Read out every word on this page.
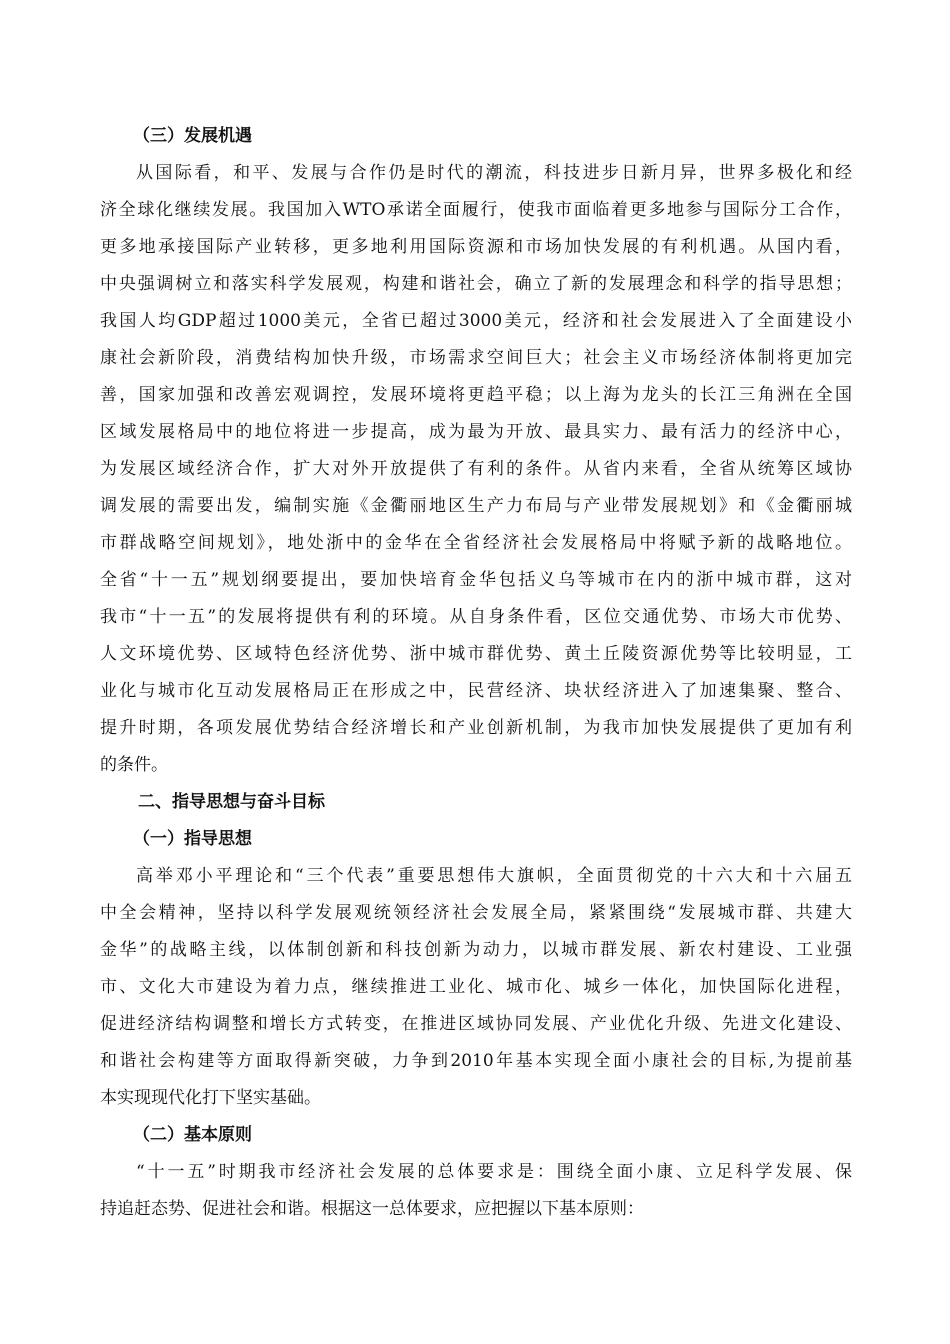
（三）发展机遇
从国际看，和平、发展与合作仍是时代的潮流，科技进步日新月异，世界多极化和经
济全球化继续发展。我国加入WTO承诺全面履行，使我市面临着更多地参与国际分工合作，
更多地承接国际产业转移，更多地利用国际资源和市场加快发展的有利机遇。从国内看，
中央强调树立和落实科学发展观，构建和谐社会，确立了新的发展理念和科学的指导思想；
我国人均GDP超过1000美元，全省已超过3000美元，经济和社会发展进入了全面建设小
康社会新阶段，消费结构加快升级，市场需求空间巨大；社会主义市场经济体制将更加完
善，国家加强和改善宏观调控，发展环境将更趋平稳；以上海为龙头的长江三角洲在全国
区域发展格局中的地位将进一步提高，成为最为开放、最具实力、最有活力的经济中心，
为发展区域经济合作，扩大对外开放提供了有利的条件。从省内来看，全省从统筹区域协
调发展的需要出发，编制实施《金衢丽地区生产力布局与产业带发展规划》和《金衢丽城
市群战略空间规划》，地处浙中的金华在全省经济社会发展格局中将赋予新的战略地位。
全省“十一五”规划纲要提出，要加快培育金华包括义乌等城市在内的浙中城市群，这对
我市“十一五”的发展将提供有利的环境。从自身条件看，区位交通优势、市场大市优势、
人文环境优势、区域特色经济优势、浙中城市群优势、黄土丘陵资源优势等比较明显，工
业化与城市化互动发展格局正在形成之中，民营经济、块状经济进入了加速集聚、整合、
提升时期，各项发展优势结合经济增长和产业创新机制，为我市加快发展提供了更加有利
的条件。
二、指导思想与奋斗目标
（一）指导思想
高举邓小平理论和“三个代表”重要思想伟大旗帜，全面贯彻党的十六大和十六届五
中全会精神，坚持以科学发展观统领经济社会发展全局，紧紧围绕“发展城市群、共建大
金华”的战略主线，以体制创新和科技创新为动力，以城市群发展、新农村建设、工业强
市、文化大市建设为着力点，继续推进工业化、城市化、城乡一体化，加快国际化进程，
促进经济结构调整和增长方式转变，在推进区域协同发展、产业优化升级、先进文化建设、
和谐社会构建等方面取得新突破，力争到2010年基本实现全面小康社会的目标,为提前基
本实现现代化打下坚实基础。
（二）基本原则
“十一五”时期我市经济社会发展的总体要求是：围绕全面小康、立足科学发展、保
持追赶态势、促进社会和谐。根据这一总体要求，应把握以下基本原则：
